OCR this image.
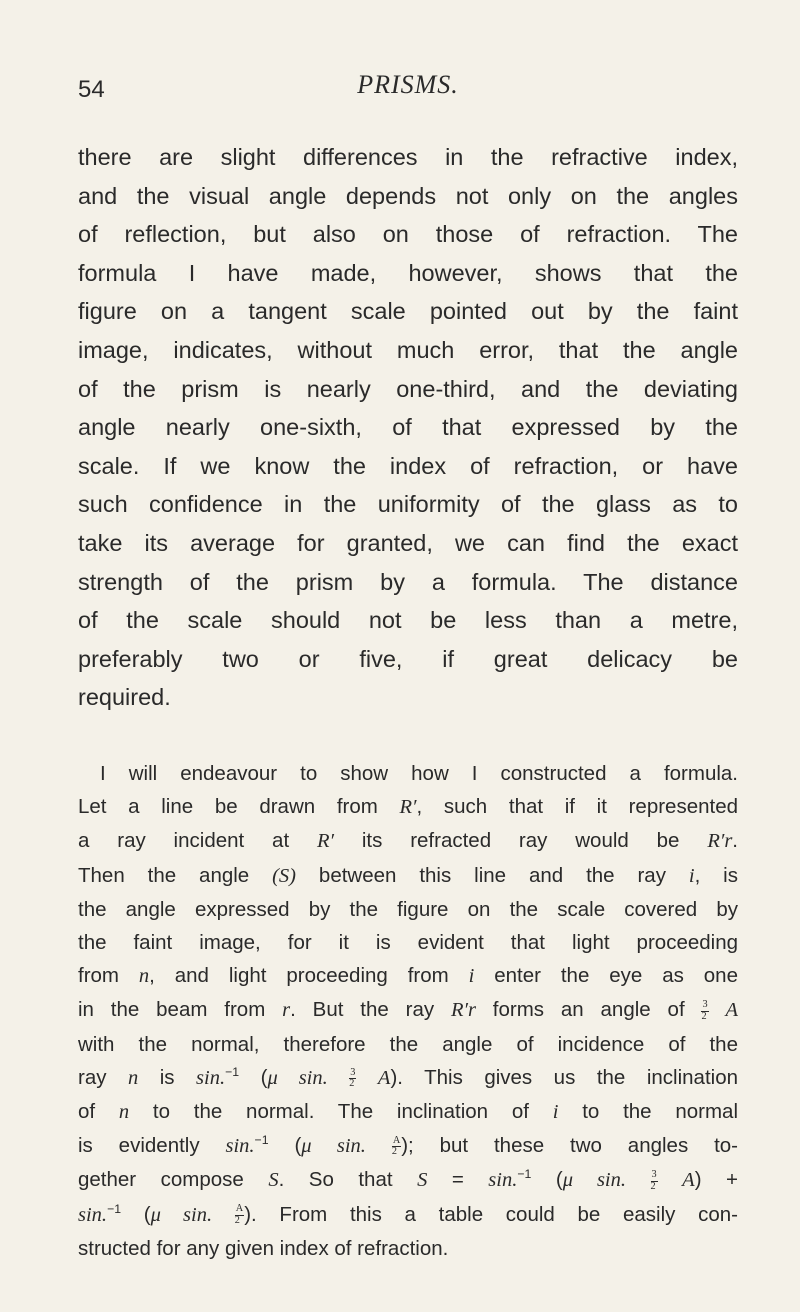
54	PRISMS.
there are slight differences in the refractive index,
and the visual angle depends not only on the angles
of reflection, but also on those of refraction. The
formula I have made, however, shows that the
figure on a tangent scale pointed out by the faint
image, indicates, without much error, that the angle
of the prism is nearly one-third, and the deviating
angle nearly one-sixth, of that expressed by the
scale. If we know the index of refraction, or have
such confidence in the uniformity of the glass as to
take its average for granted, we can find the exact
strength of the prism by a formula. The distance
of the scale should not be less than a metre,
preferably two or five, if great delicacy be
required.
I will endeavour to show how I constructed a formula.
Let a line be drawn from R′, such that if it represented
a ray incident at R′ its refracted ray would be R′r.
Then the angle (S) between this line and the ray i, is
the angle expressed by the figure on the scale covered by
the faint image, for it is evident that light proceeding
from n, and light proceeding from i enter the eye as one
in the beam from r. But the ray R′r forms an angle of $\frac{3}{2}$ A
with the normal, therefore the angle of incidence of the
ray n is sin.$^{-1}$ (μ sin. $\frac{3}{2} A$). This gives us the inclination
of n to the normal. The inclination of i to the normal
is evidently sin.$^{-1}$ (μ sin.	$\frac{A}{2}$ ); but these two angles to-
gether compose S. So that S = sin.$^{-1}$ (μ sin. $\frac{3}{2} A$) +
sin.$^{-1}$ (μ sin. $\frac{A}{2}$ ). From this a table could be easily con-
structed for any given index of refraction.
